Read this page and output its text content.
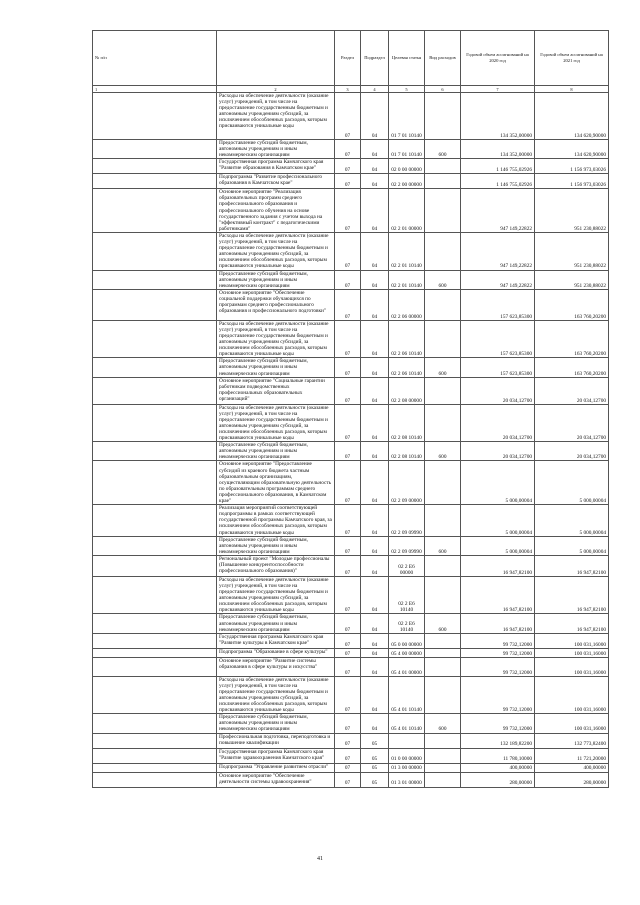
№ п/п		Раздел	Подраздел	Целевая статья	Вид расходов	Годовой объем ассигнований на 2020 год	Годовой объем ассигнований на 2021 год
1	2	3	4	5	6	7	8
	Расходы на обеспечение деятельности (оказание услуг) учреждений, в том числе на предоставление государственным бюджетным и автономным учреждениям субсидий, за исключением обособленных расходов, которым присваиваются уникальные коды	07	04	01 7 01 10140		134 352,00000	134 620,90000
	Предоставление субсидий бюджетным, автономным учреждениям и иным некоммерческим организациям	07	04	01 7 01 10140	600	134 352,00000	134 620,90000
	Государственная программа Камчатского края "Развитие образования в Камчатском крае"	07	04	02 0 00 00000		1 146 755,02926	1 156 973,03026
	Подпрограмма "Развитие профессионального образования в Камчатском крае"	07	04	02 2 00 00000		1 146 755,02926	1 156 973,03026
	Основное мероприятие "Реализация образовательных программ среднего профессионального образования и профессионального обучения на основе государственного задания с учетом выхода на "эффективный контракт" с педагогическими работниками"	07	04	02 2 01 00000		947 149,22822	951 230,88022
	Расходы на обеспечение деятельности (оказание услуг) учреждений, в том числе на предоставление государственным бюджетным и автономным учреждениям субсидий, за исключением обособленных расходов, которым присваиваются уникальные коды	07	04	02 2 01 10140		947 149,22822	951 230,88022
	Предоставление субсидий бюджетным, автономным учреждениям и иным некоммерческим организациям	07	04	02 2 01 10140	600	947 149,22822	951 230,88022
	Основное мероприятие "Обеспечение социальной поддержки обучающихся по программам среднего профессионального образования и профессионального подготовки"	07	04	02 2 06 00000		157 623,85300	163 760,20200
	Расходы на обеспечение деятельности (оказание услуг) учреждений, в том числе на предоставление государственным бюджетным и автономным учреждениям субсидий, за исключением обособленных расходов, которым присваиваются уникальные коды	07	04	02 2 06 10140		157 623,85300	163 760,20200
	Предоставление субсидий бюджетным, автономным учреждениям и иным некоммерческим организациям	07	04	02 2 06 10140	600	157 623,85300	163 760,20200
	Основное мероприятие "Социальные гарантии работникам подведомственных профессиональных образовательных организаций"	07	04	02 2 08 00000		20 034,12700	20 034,12700
	Расходы на обеспечение деятельности (оказание услуг) учреждений, в том числе на предоставление государственным бюджетным и автономным учреждениям субсидий, за исключением обособленных расходов, которым присваиваются уникальные коды	07	04	02 2 08 10140		20 034,12700	20 034,12700
	Предоставление субсидий бюджетным, автономным учреждениям и иным некоммерческим организациям	07	04	02 2 08 10140	600	20 034,12700	20 034,12700
	Основное мероприятие "Предоставление субсидий из краевого бюджета частным образовательным организациям, осуществляющим образовательную деятельность по образовательным программам среднего профессионального образования, в Камчатском крае"	07	04	02 2 09 00000		5 000,00004	5 000,00004
	Реализация мероприятий соответствующей подпрограммы в рамках соответствующей государственной программы Камчатского края, за исключением обособленных расходов, которым присваиваются уникальные коды	07	04	02 2 09 09990		5 000,00004	5 000,00004
	Предоставление субсидий бюджетным, автономным учреждениям и иным некоммерческим организациям	07	04	02 2 09 09990	600	5 000,00004	5 000,00004
	Региональный проект "Молодые профессионалы (Повышение конкурентоспособности профессионального образования)"	07	04	02 2 E6 00000		16 947,82100	16 947,82100
	Расходы на обеспечение деятельности (оказание услуг) учреждений, в том числе на предоставление государственным бюджетным и автономным учреждениям субсидий, за исключением обособленных расходов, которым присваиваются уникальные коды	07	04	02 2 E6 10140		16 947,82100	16 947,82100
	Предоставление субсидий бюджетным, автономным учреждениям и иным некоммерческим организациям	07	04	02 2 E6 10140	600	16 947,82100	16 947,82100
	Государственная программа Камчатского края "Развитие культуры в Камчатском крае"	07	04	05 0 00 00000		99 732,12000	100 031,16000
	Подпрограмма "Образование в сфере культуры"	07	04	05 4 00 00000		99 732,12000	100 031,16000
	Основное мероприятие "Развитие системы образования в сфере культуры и искусства"	07	04	05 4 01 00000		99 732,12000	100 031,16000
	Расходы на обеспечение деятельности (оказание услуг) учреждений, в том числе на предоставление государственным бюджетным и автономным учреждениям субсидий, за исключением обособленных расходов, которым присваиваются уникальные коды	07	04	05 4 01 10140		99 732,12000	100 031,16000
	Предоставление субсидий бюджетным, автономным учреждениям и иным некоммерческим организациям	07	04	05 4 01 10140	600	99 732,12000	100 031,16000
	Профессиональная подготовка, переподготовка и повышение квалификации	07	05			132 189,82200	132 773,82400
	Государственная программа Камчатского края "Развитие здравоохранения Камчатского края"	07	05	01 0 00 00000		11 780,10000	11 721,20000
	Подпрограмма "Управление развитием отрасли"	07	05	01 3 00 00000		400,00000	400,00000
	Основное мероприятие "Обеспечение деятельности системы здравоохранения"	07	05	01 3 01 00000		280,00000	280,00000
41
